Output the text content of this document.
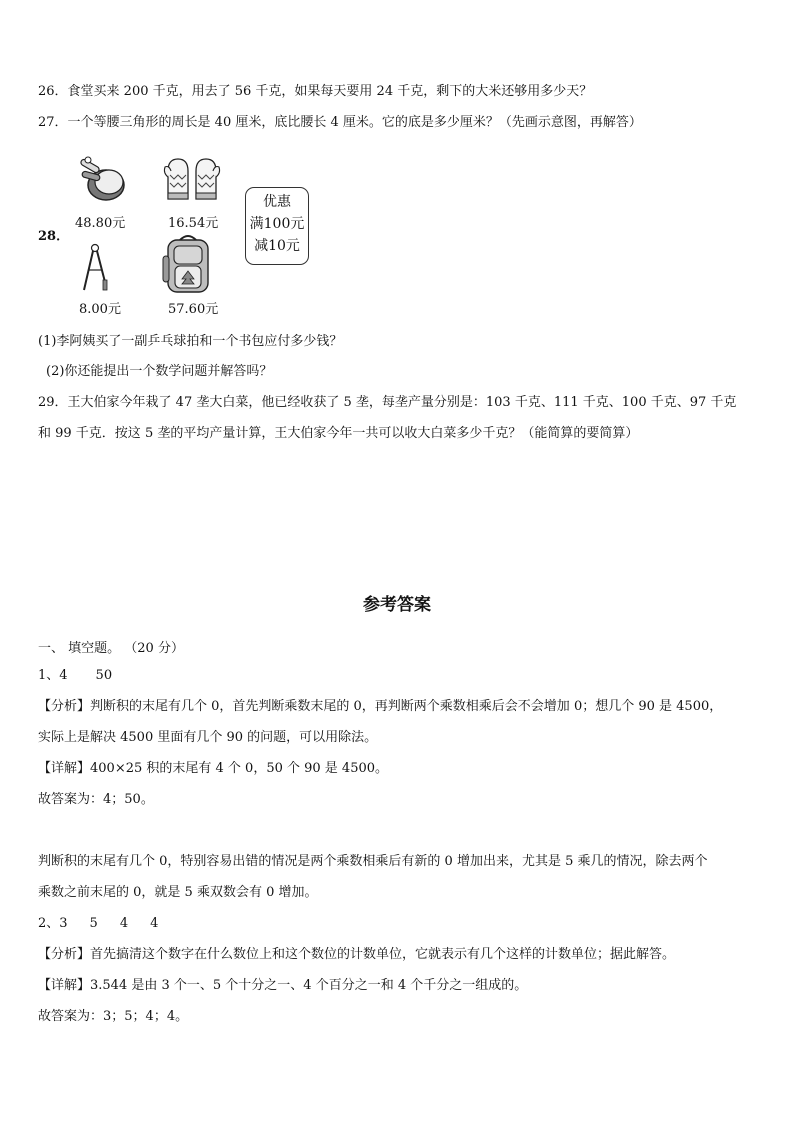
26．食堂买来 200 千克，用去了 56 千克，如果每天要用 24 千克，剩下的大米还够用多少天？
27．一个等腰三角形的周长是 40 厘米，底比腰长 4 厘米。它的底是多少厘米？（先画示意图，再解答）
28．
48.80元	16.54元
优惠
满100元
减10元
8.00元	57.60元
(1)李阿姨买了一副乒乓球拍和一个书包应付多少钱？
(2)你还能提出一个数学问题并解答吗？
29．王大伯家今年栽了 47 垄大白菜，他已经收获了 5 垄，每垄产量分别是：103 千克、111 千克、100 千克、97 千克
和 99 千克．按这 5 垄的平均产量计算，王大伯家今年一共可以收大白菜多少千克？（能简算的要简算）
参考答案
一、 填空题。 （20 分）
1、4 50
【分析】判断积的末尾有几个 0，首先判断乘数末尾的 0，再判断两个乘数相乘后会不会增加 0；想几个 90 是 4500，
实际上是解决 4500 里面有几个 90 的问题，可以用除法。
【详解】400×25 积的末尾有 4 个 0，50 个 90 是 4500。
故答案为：4；50。
判断积的末尾有几个 0，特别容易出错的情况是两个乘数相乘后有新的 0 增加出来，尤其是 5 乘几的情况，除去两个
乘数之前末尾的 0，就是 5 乘双数会有 0 增加。
2、3 5 4 4
【分析】首先搞清这个数字在什么数位上和这个数位的计数单位，它就表示有几个这样的计数单位；据此解答。
【详解】3.544 是由 3 个一、5 个十分之一、4 个百分之一和 4 个千分之一组成的。
故答案为：3；5；4；4。
